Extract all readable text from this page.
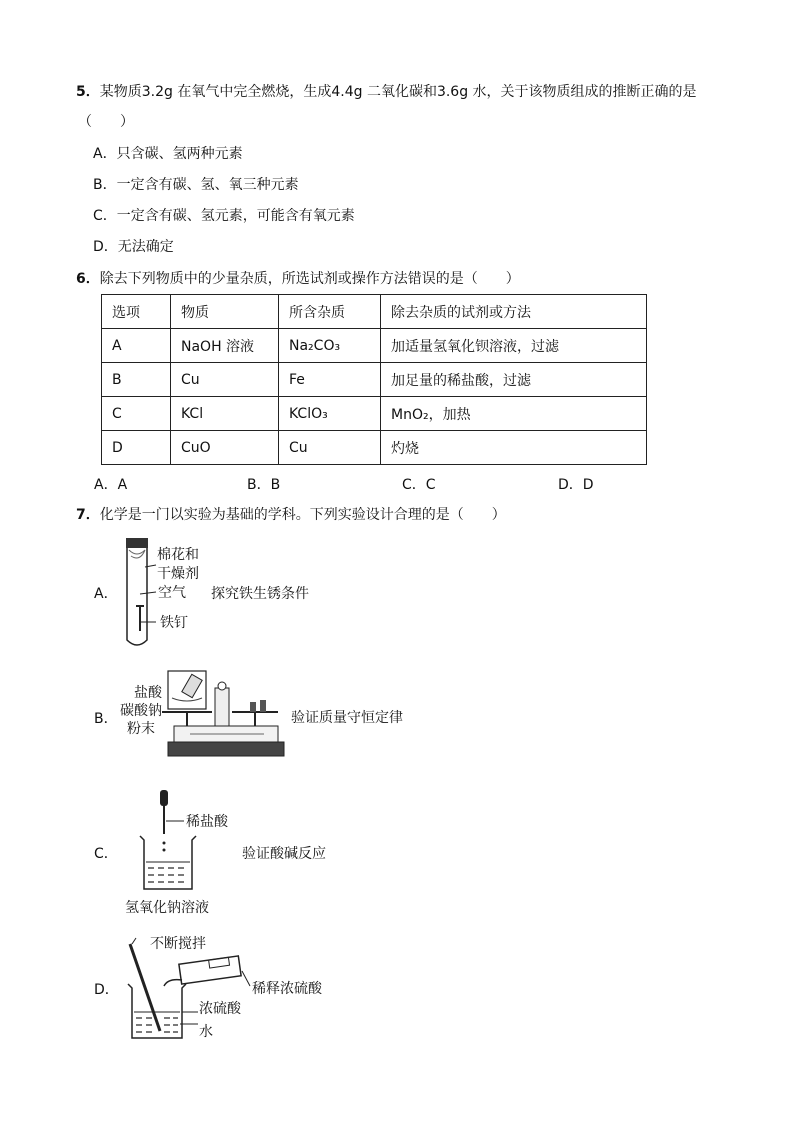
5．某物质3.2g 在氧气中完全燃烧，生成4.4g 二氧化碳和3.6g 水，关于该物质组成的推断正确的是
（　　）
A．只含碳、氢两种元素
B．一定含有碳、氢、氧三种元素
C．一定含有碳、氢元素，可能含有氧元素
D．无法确定
6．除去下列物质中的少量杂质，所选试剂或操作方法错误的是（　　）
选项	物质	所含杂质	除去杂质的试剂或方法
A	NaOH 溶液	Na₂CO₃	加适量氢氧化钡溶液，过滤
B	Cu	Fe	加足量的稀盐酸，过滤
C	KCl	KClO₃	MnO₂，加热
D	CuO	Cu	灼烧
A．A	B．B	C．C	D．D
7．化学是一门以实验为基础的学科。下列实验设计合理的是（　　）
A．
棉花和
干燥剂
空气
铁钉
探究铁生锈条件
B．
盐酸
碳酸钠
粉末
验证质量守恒定律
C．
稀盐酸
验证酸碱反应
氢氧化钠溶液
D．
不断搅拌
稀释浓硫酸
浓硫酸
水
